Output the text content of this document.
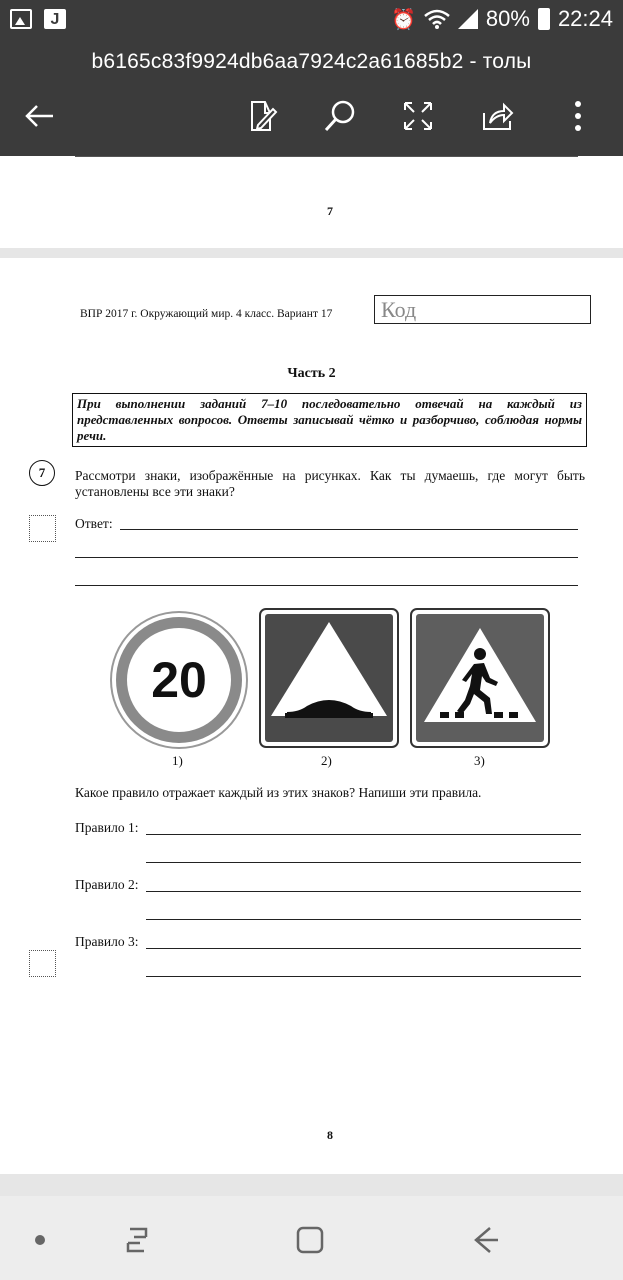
J	⏰	80% 22:24
b6165c83f9924db6aa7924c2a61685b2 - толы
7
ВПР 2017 г. Окружающий мир. 4 класс. Вариант 17 Код
Часть 2
При выполнении заданий 7–10 последовательно отвечай на каждый из представленных вопросов. Ответы записывай чётко и разборчиво, соблюдая нормы речи.
7	Рассмотри знаки, изображённые на рисунках. Как ты думаешь, где могут быть установлены все эти знаки?
Ответ:
20
1)	2)	3)
Какое правило отражает каждый из этих знаков? Напиши эти правила.
Правило 1:
Правило 2:
Правило 3:
8
